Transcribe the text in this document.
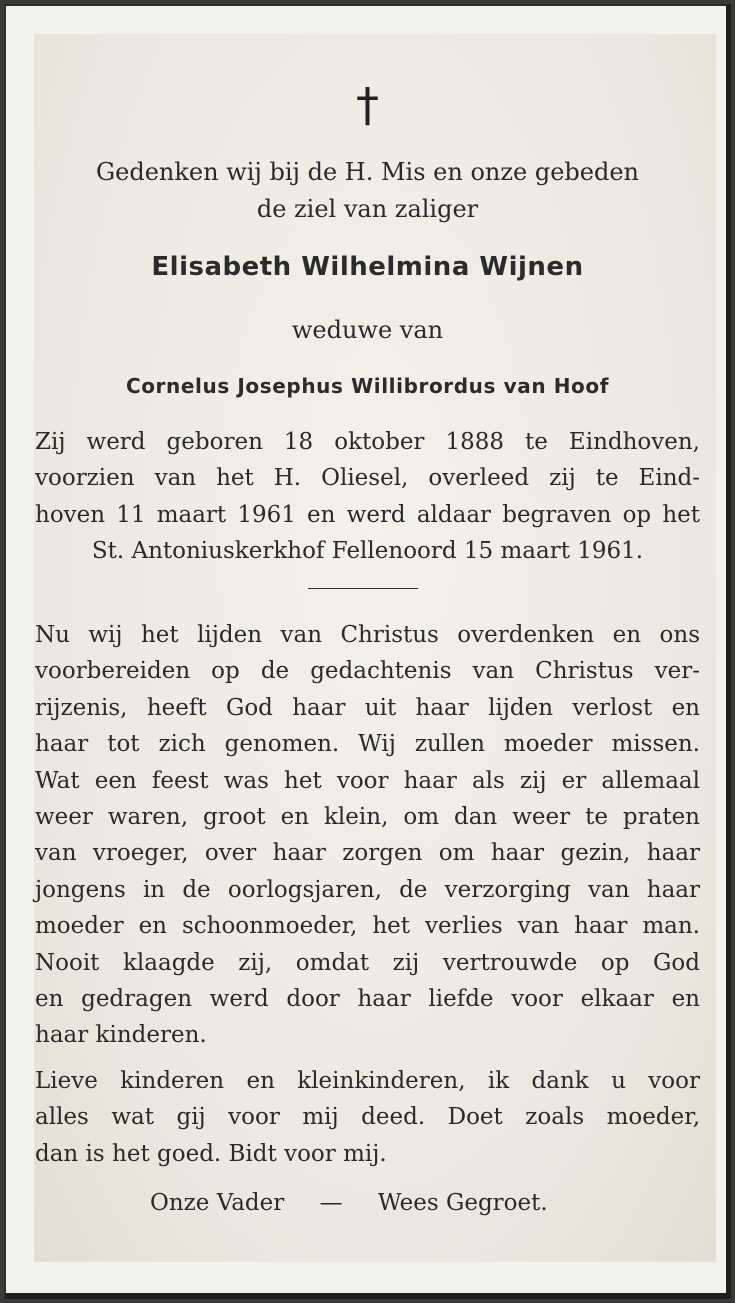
†
Gedenken wij bij de H. Mis en onze gebeden
de ziel van zaliger
Elisabeth Wilhelmina Wijnen
weduwe van
Cornelus Josephus Willibrordus van Hoof
Zij werd geboren 18 oktober 1888 te Eindhoven,
voorzien van het H. Oliesel, overleed zij te Eind-
hoven 11 maart 1961 en werd aldaar begraven op het
St. Antoniuskerkhof Fellenoord 15 maart 1961.
Nu wij het lijden van Christus overdenken en ons
voorbereiden op de gedachtenis van Christus ver-
rijzenis, heeft God haar uit haar lijden verlost en
haar tot zich genomen. Wij zullen moeder missen.
Wat een feest was het voor haar als zij er allemaal
weer waren, groot en klein, om dan weer te praten
van vroeger, over haar zorgen om haar gezin, haar
jongens in de oorlogsjaren, de verzorging van haar
moeder en schoonmoeder, het verlies van haar man.
Nooit klaagde zij, omdat zij vertrouwde op God
en gedragen werd door haar liefde voor elkaar en
haar kinderen.
Lieve kinderen en kleinkinderen, ik dank u voor
alles wat gij voor mij deed. Doet zoals moeder,
dan is het goed. Bidt voor mij.
Onze Vader — Wees Gegroet.
